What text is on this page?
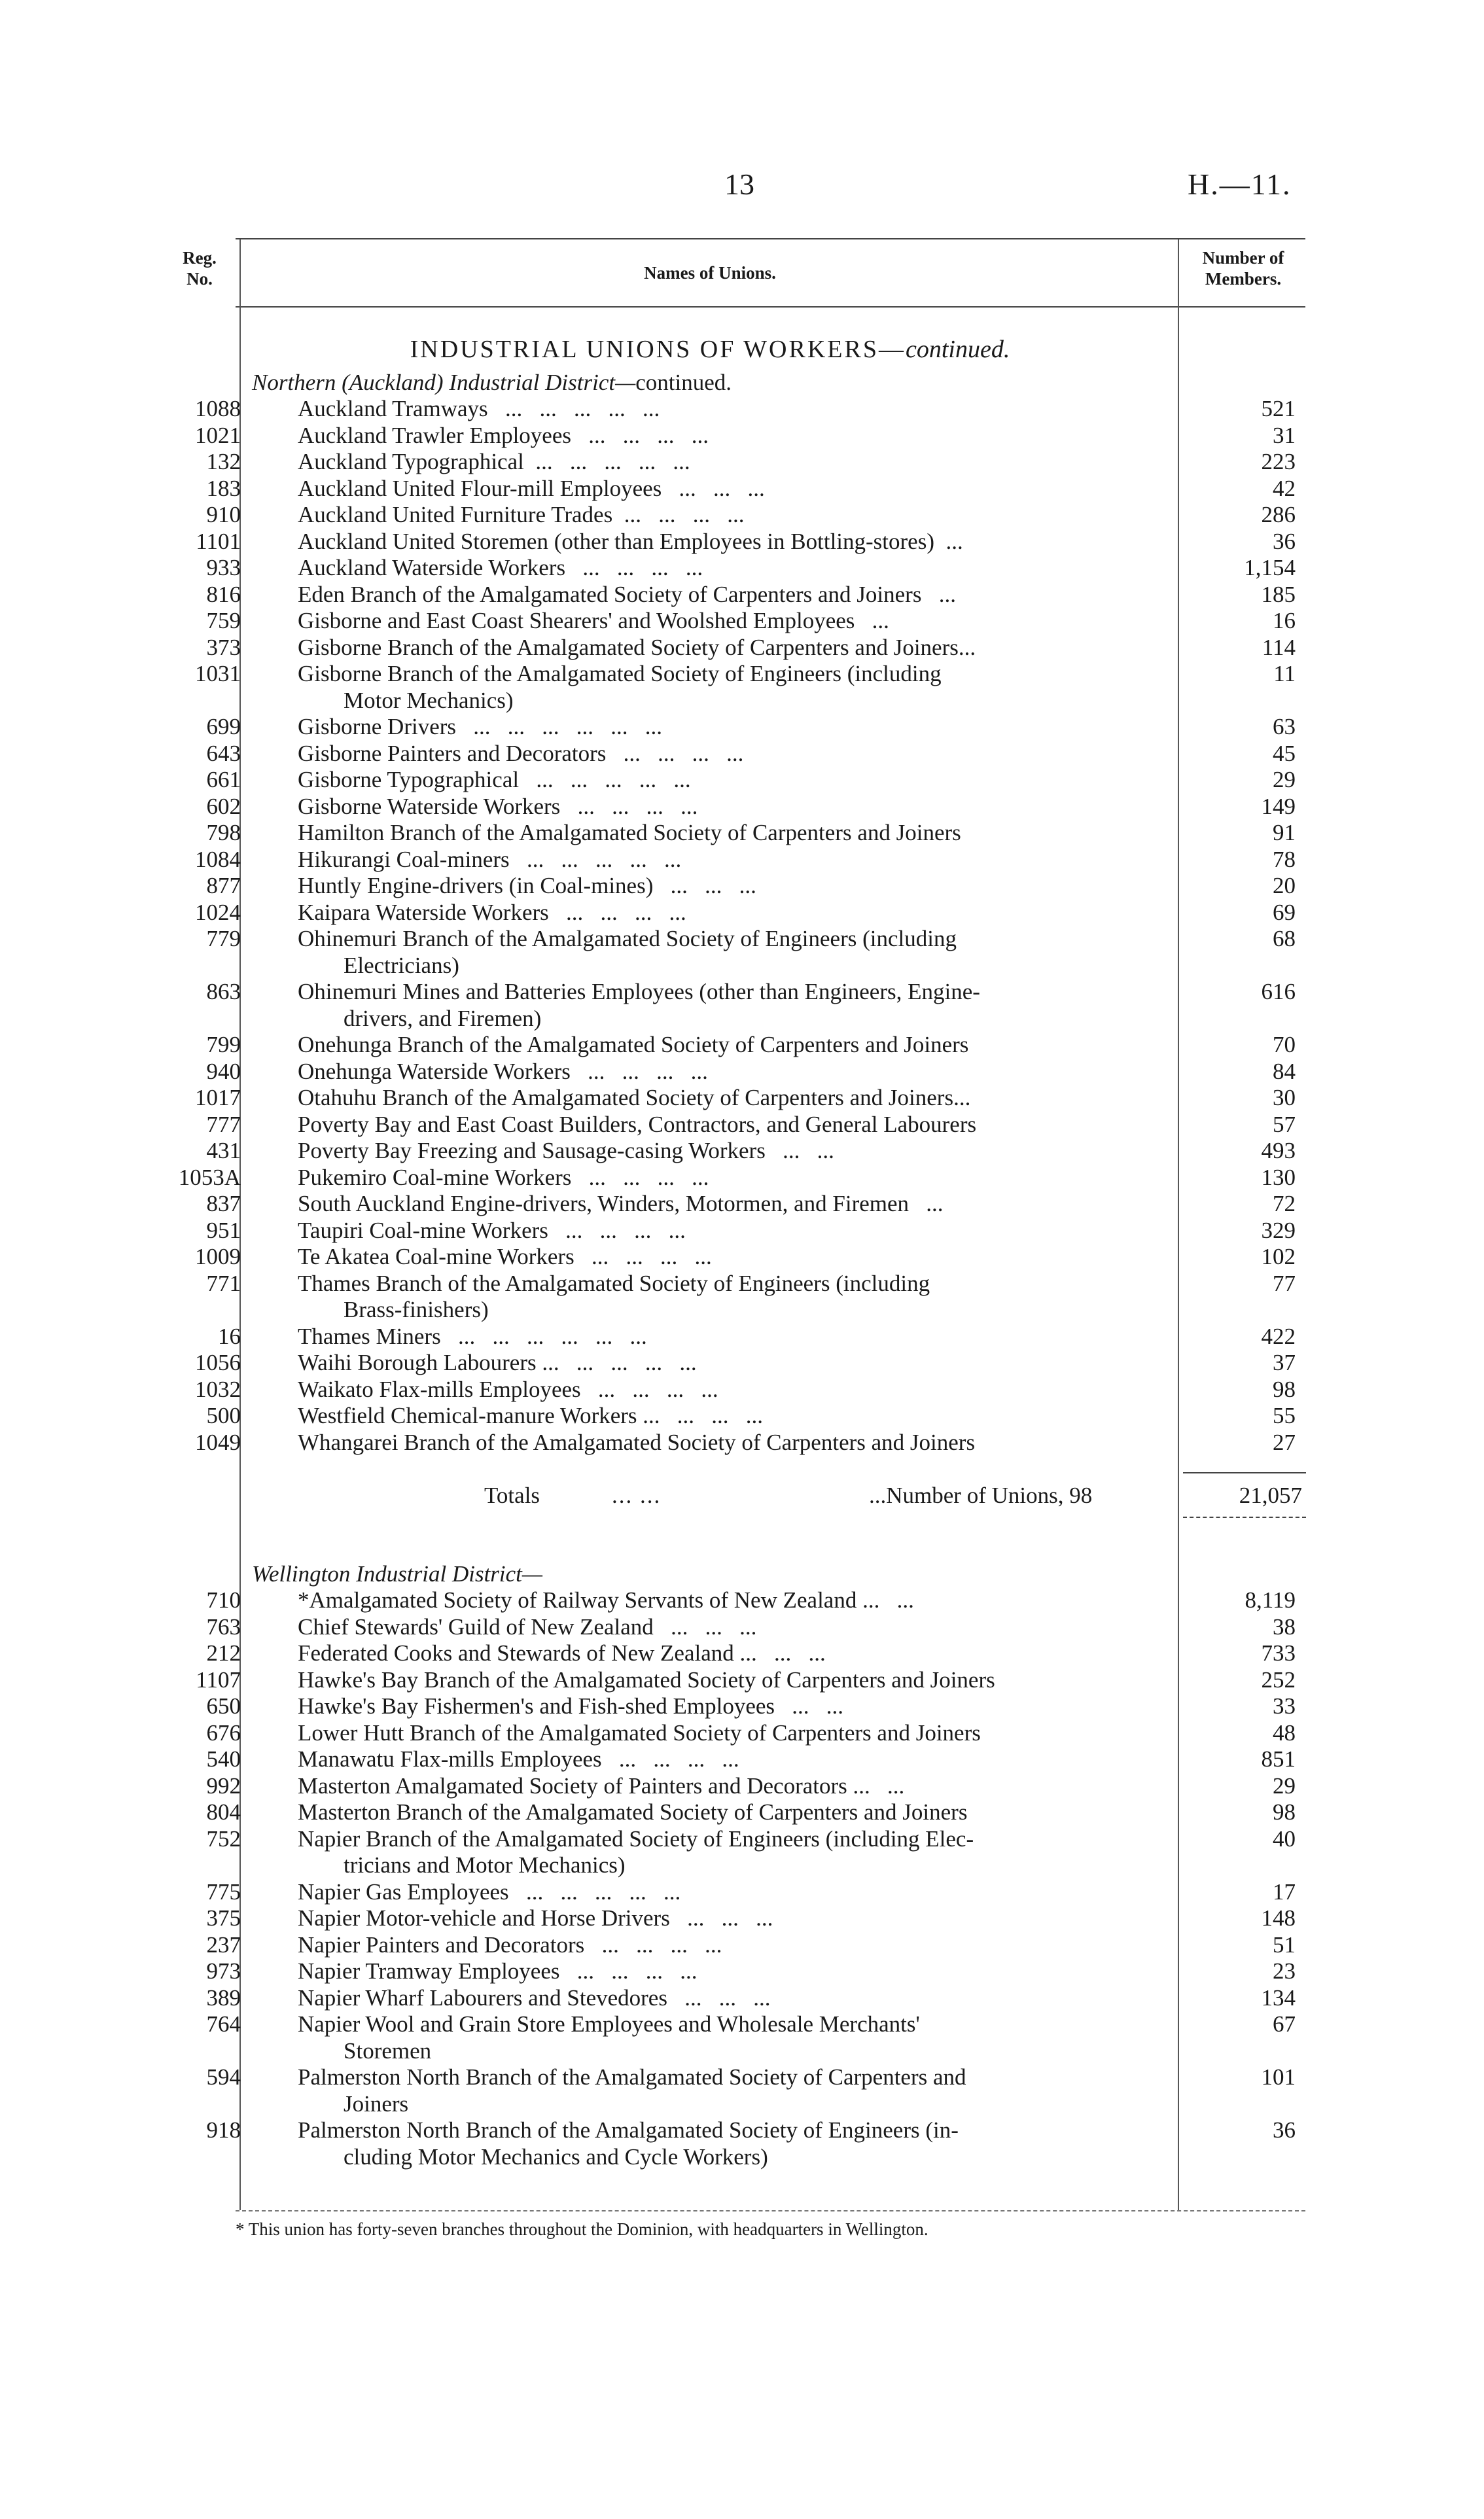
13	H.—11.
Reg.
No.	Names of Unions.
Number of
Members.
INDUSTRIAL UNIONS OF WORKERS—continued.
Northern (Auckland) Industrial District—continued.
1088 Auckland Tramways   ...   ...   ...   ...   ...	521
1021 Auckland Trawler Employees   ...   ...   ...   ...	31
132 Auckland Typographical  ...   ...   ...   ...   ...	223
183 Auckland United Flour-mill Employees   ...   ...   ...	42
910 Auckland United Furniture Trades  ...   ...   ...   ...	286
1101 Auckland United Storemen (other than Employees in Bottling-stores)  ...	36
933 Auckland Waterside Workers   ...   ...   ...   ...	1,154
816 Eden Branch of the Amalgamated Society of Carpenters and Joiners   ...	185
759 Gisborne and East Coast Shearers' and Woolshed Employees   ...	16
373 Gisborne Branch of the Amalgamated Society of Carpenters and Joiners...	114
1031 Gisborne Branch of the Amalgamated Society of Engineers (including	11
Motor Mechanics)
699 Gisborne Drivers   ...   ...   ...   ...   ...   ...	63
643 Gisborne Painters and Decorators   ...   ...   ...   ...	45
661 Gisborne Typographical   ...   ...   ...   ...   ...	29
602 Gisborne Waterside Workers   ...   ...   ...   ...	149
798 Hamilton Branch of the Amalgamated Society of Carpenters and Joiners	91
1084 Hikurangi Coal-miners   ...   ...   ...   ...   ...	78
877 Huntly Engine-drivers (in Coal-mines)   ...   ...   ...	20
1024 Kaipara Waterside Workers   ...   ...   ...   ...	69
779 Ohinemuri Branch of the Amalgamated Society of Engineers (including	68
Electricians)
863 Ohinemuri Mines and Batteries Employees (other than Engineers, Engine-	616
drivers, and Firemen)
799 Onehunga Branch of the Amalgamated Society of Carpenters and Joiners	70
940 Onehunga Waterside Workers   ...   ...   ...   ...	84
1017 Otahuhu Branch of the Amalgamated Society of Carpenters and Joiners...	30
777 Poverty Bay and East Coast Builders, Contractors, and General Labourers	57
431 Poverty Bay Freezing and Sausage-casing Workers   ...   ...	493
1053A Pukemiro Coal-mine Workers   ...   ...   ...   ...	130
837 South Auckland Engine-drivers, Winders, Motormen, and Firemen   ...	72
951 Taupiri Coal-mine Workers   ...   ...   ...   ...	329
1009 Te Akatea Coal-mine Workers   ...   ...   ...   ...	102
771 Thames Branch of the Amalgamated Society of Engineers (including	77
Brass-finishers)
16 Thames Miners   ...   ...   ...   ...   ...   ...	422
1056 Waihi Borough Labourers ...   ...   ...   ...   ...	37
1032 Waikato Flax-mills Employees   ...   ...   ...   ...	98
500 Westfield Chemical-manure Workers ...   ...   ...   ...	55
1049 Whangarei Branch of the Amalgamated Society of Carpenters and Joiners	27
Totals	... ...	...Number of Unions, 98	21,057
Wellington Industrial District—
710 *Amalgamated Society of Railway Servants of New Zealand ...   ...	8,119
763 Chief Stewards' Guild of New Zealand   ...   ...   ...	38
212 Federated Cooks and Stewards of New Zealand ...   ...   ...	733
1107 Hawke's Bay Branch of the Amalgamated Society of Carpenters and Joiners	252
650 Hawke's Bay Fishermen's and Fish-shed Employees   ...   ...	33
676 Lower Hutt Branch of the Amalgamated Society of Carpenters and Joiners	48
540 Manawatu Flax-mills Employees   ...   ...   ...   ...	851
992 Masterton Amalgamated Society of Painters and Decorators ...   ...	29
804 Masterton Branch of the Amalgamated Society of Carpenters and Joiners	98
752 Napier Branch of the Amalgamated Society of Engineers (including Elec-	40
tricians and Motor Mechanics)
775 Napier Gas Employees   ...   ...   ...   ...   ...	17
375 Napier Motor-vehicle and Horse Drivers   ...   ...   ...	148
237 Napier Painters and Decorators   ...   ...   ...   ...	51
973 Napier Tramway Employees   ...   ...   ...   ...	23
389 Napier Wharf Labourers and Stevedores   ...   ...   ...	134
764 Napier Wool and Grain Store Employees and Wholesale Merchants'	67
Storemen
594 Palmerston North Branch of the Amalgamated Society of Carpenters and	101
Joiners
918 Palmerston North Branch of the Amalgamated Society of Engineers (in-	36
cluding Motor Mechanics and Cycle Workers)
* This union has forty-seven branches throughout the Dominion, with headquarters in Wellington.
